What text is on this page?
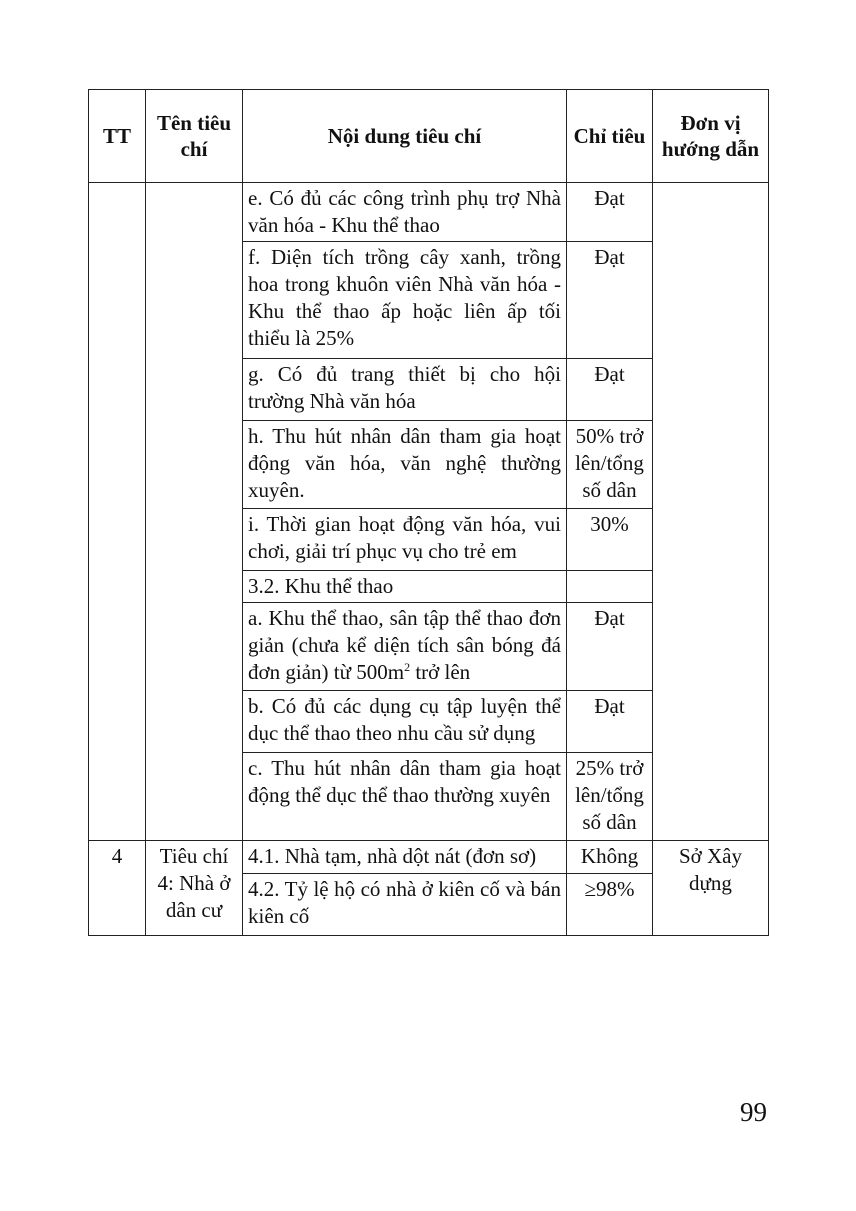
TT	Tên tiêu chí	Nội dung tiêu chí	Chỉ tiêu	Đơn vị hướng dẫn
		e. Có đủ các công trình phụ trợ Nhà văn hóa - Khu thể thao	Đạt	
		f. Diện tích trồng cây xanh, trồng hoa trong khuôn viên Nhà văn hóa - Khu thể thao ấp hoặc liên ấp tối thiểu là 25%	Đạt	
		g. Có đủ trang thiết bị cho hội trường Nhà văn hóa	Đạt	
		h. Thu hút nhân dân tham gia hoạt động văn hóa, văn nghệ thường xuyên.	50% trở lên/tổng số dân	
		i. Thời gian hoạt động văn hóa, vui chơi, giải trí phục vụ cho trẻ em	30%	
		3.2. Khu thể thao		
		a. Khu thể thao, sân tập thể thao đơn giản (chưa kể diện tích sân bóng đá đơn giản) từ $500m^2$ trở lên	Đạt	
		b. Có đủ các dụng cụ tập luyện thể dục thể thao theo nhu cầu sử dụng	Đạt	
		c. Thu hút nhân dân tham gia hoạt động thể dục thể thao thường xuyên	25% trở lên/tổng số dân	
4	Tiêu chí 4: Nhà ở dân cư	4.1. Nhà tạm, nhà dột nát (đơn sơ)	Không	Sở Xây dựng
		4.2. Tỷ lệ hộ có nhà ở kiên cố và bán kiên cố	≥98%	
99
